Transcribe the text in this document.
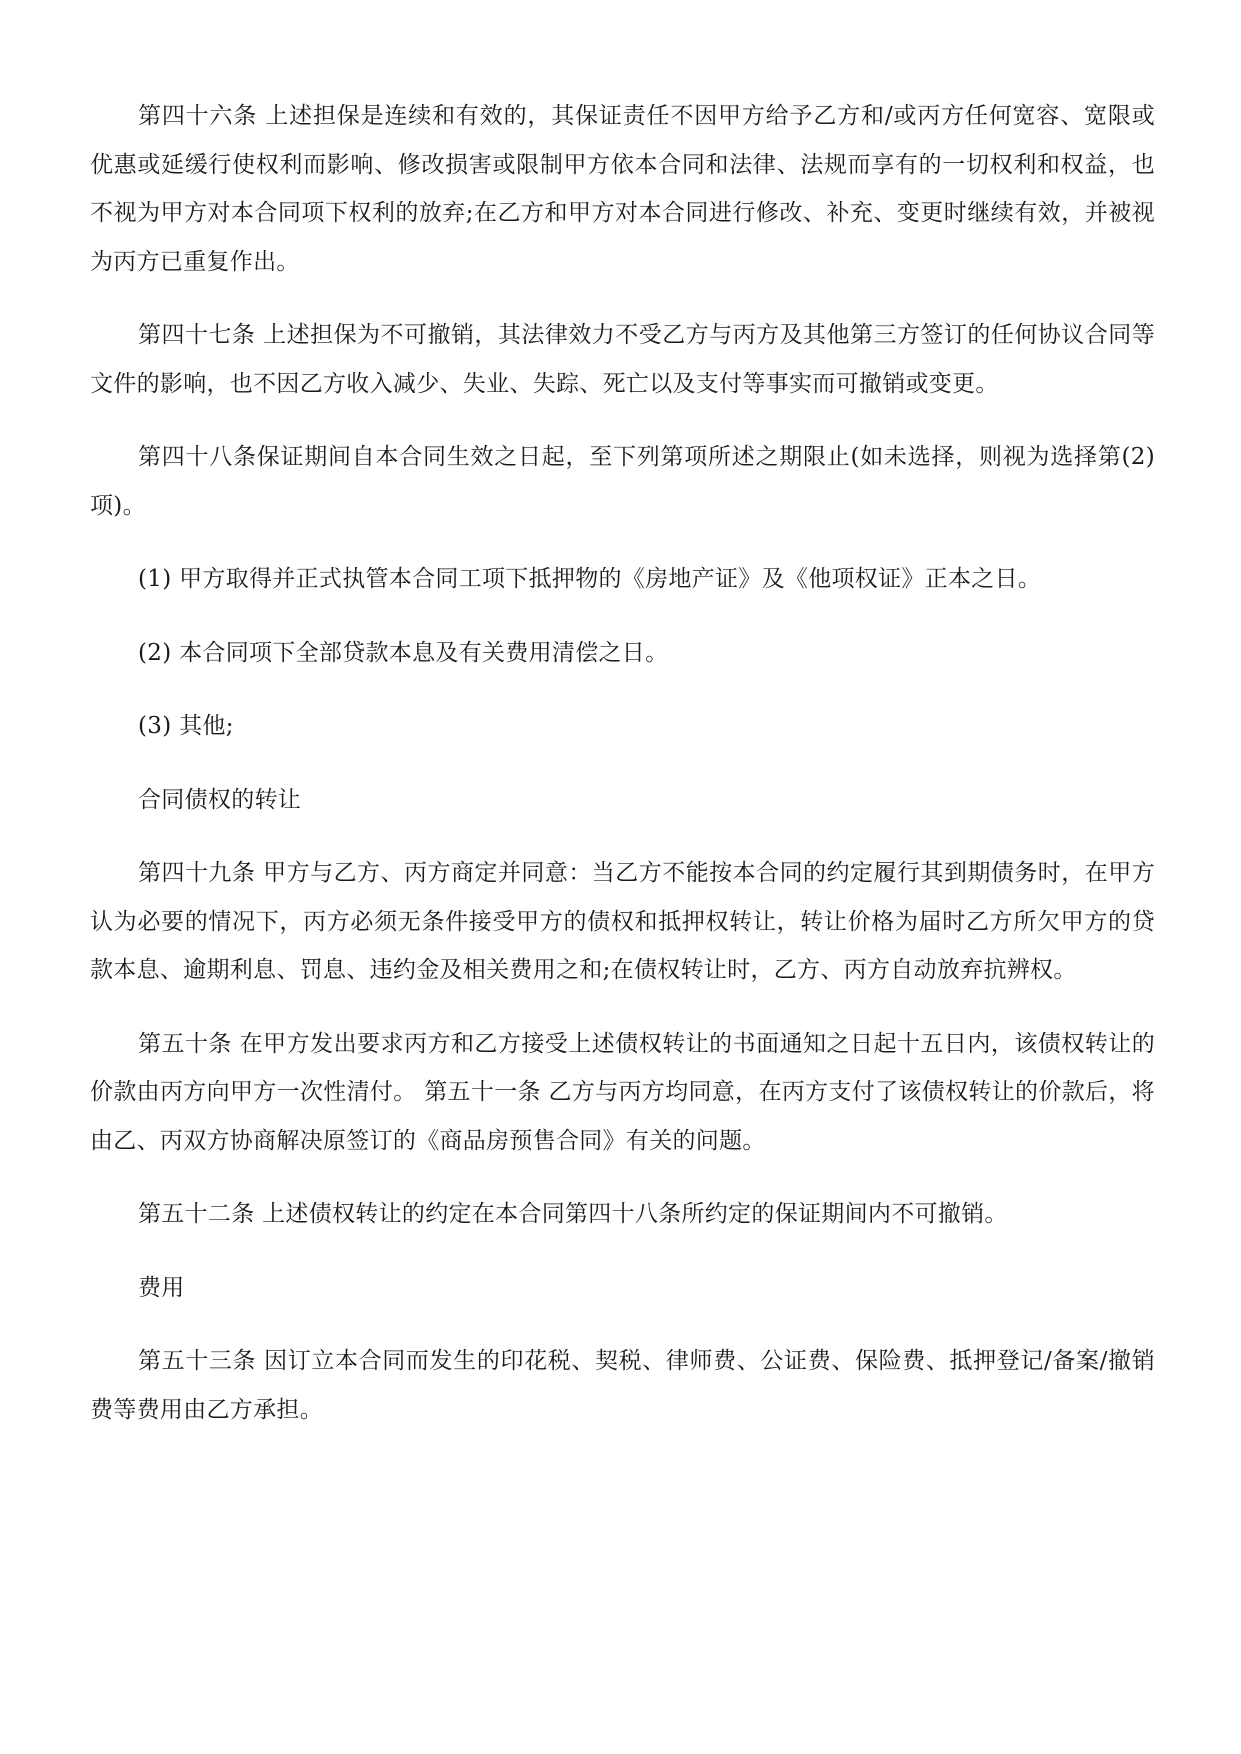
第四十六条 上述担保是连续和有效的，其保证责任不因甲方给予乙方和/或丙方任何宽容、宽限或优惠或延缓行使权利而影响、修改损害或限制甲方依本合同和法律、法规而享有的一切权利和权益，也不视为甲方对本合同项下权利的放弃;在乙方和甲方对本合同进行修改、补充、变更时继续有效，并被视为丙方已重复作出。

第四十七条 上述担保为不可撤销，其法律效力不受乙方与丙方及其他第三方签订的任何协议合同等文件的影响，也不因乙方收入减少、失业、失踪、死亡以及支付等事实而可撤销或变更。

第四十八条保证期间自本合同生效之日起，至下列第项所述之期限止(如未选择，则视为选择第(2)项)。

(1) 甲方取得并正式执管本合同工项下抵押物的《房地产证》及《他项权证》正本之日。

(2) 本合同项下全部贷款本息及有关费用清偿之日。

(3) 其他;

合同债权的转让

第四十九条 甲方与乙方、丙方商定并同意：当乙方不能按本合同的约定履行其到期债务时，在甲方认为必要的情况下，丙方必须无条件接受甲方的债权和抵押权转让，转让价格为届时乙方所欠甲方的贷款本息、逾期利息、罚息、违约金及相关费用之和;在债权转让时，乙方、丙方自动放弃抗辨权。

第五十条 在甲方发出要求丙方和乙方接受上述债权转让的书面通知之日起十五日内，该债权转让的价款由丙方向甲方一次性清付。 第五十一条 乙方与丙方均同意，在丙方支付了该债权转让的价款后，将由乙、丙双方协商解决原签订的《商品房预售合同》有关的问题。

第五十二条 上述债权转让的约定在本合同第四十八条所约定的保证期间内不可撤销。

费用

第五十三条 因订立本合同而发生的印花税、契税、律师费、公证费、保险费、抵押登记/备案/撤销费等费用由乙方承担。
